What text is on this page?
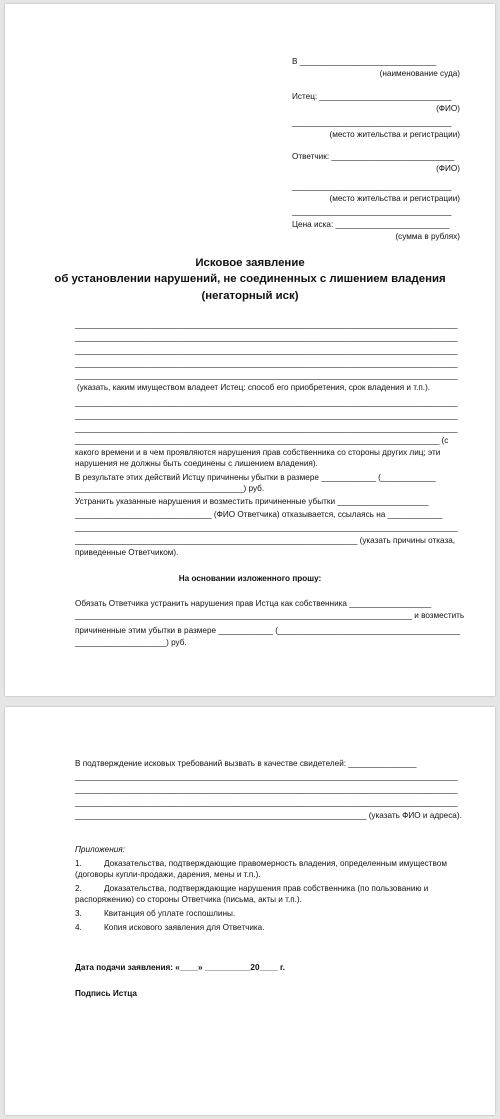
В ______________________________
(наименование суда)
Истец: _____________________________
(ФИО)
___________________________________
(место жительства и регистрации)
Ответчик: ___________________________
(ФИО)
___________________________________
(место жительства и регистрации)
___________________________________
Цена иска: _________________________
(сумма в рублях)
Исковое заявление
об установлении нарушений, не соединенных с лишением владения
(негаторный иск)
____________________________________________________________________________________
____________________________________________________________________________________
____________________________________________________________________________________
____________________________________________________________________________________
____________________________________________________________________________________
(указать, каким имуществом владеет Истец: способ его приобретения, срок владения и т.п.).
____________________________________________________________________________________
____________________________________________________________________________________
____________________________________________________________________________________
________________________________________________________________________________ (с
какого времени и в чем проявляются нарушения прав собственника со стороны других лиц; эти
нарушения не должны быть соединены с лишением владения).
В результате этих действий Истцу причинены убытки в размере ____________ (____________
_____________________________________) руб.
Устранить указанные нарушения и возместить причиненные убытки ____________________
______________________________ (ФИО Ответчика) отказывается, ссылаясь на ____________
____________________________________________________________________________________
______________________________________________________________ (указать причины отказа,
приведенные Ответчиком).
На основании изложенного прошу:
Обязать Ответчика устранить нарушения прав Истца как собственника __________________
__________________________________________________________________________ и возместить
причиненные этим убытки в размере ____________ (________________________________________
____________________) руб.
В подтверждение исковых требований вызвать в качестве свидетелей: _______________
____________________________________________________________________________________
____________________________________________________________________________________
____________________________________________________________________________________
________________________________________________________________ (указать ФИО и адреса).
Приложения:
1.	Доказательства, подтверждающие правомерность владения, определенным имуществом
(договоры купли-продажи, дарения, мены и т.п.).
2.	Доказательства, подтверждающие нарушения прав собственника (по пользованию и
распоряжению) со стороны Ответчика (письма, акты и т.п.).
3.	Квитанция об уплате госпошлины.
4.	Копия искового заявления для Ответчика.
Дата подачи заявления: «____» __________20____ г.
Подпись Истца
